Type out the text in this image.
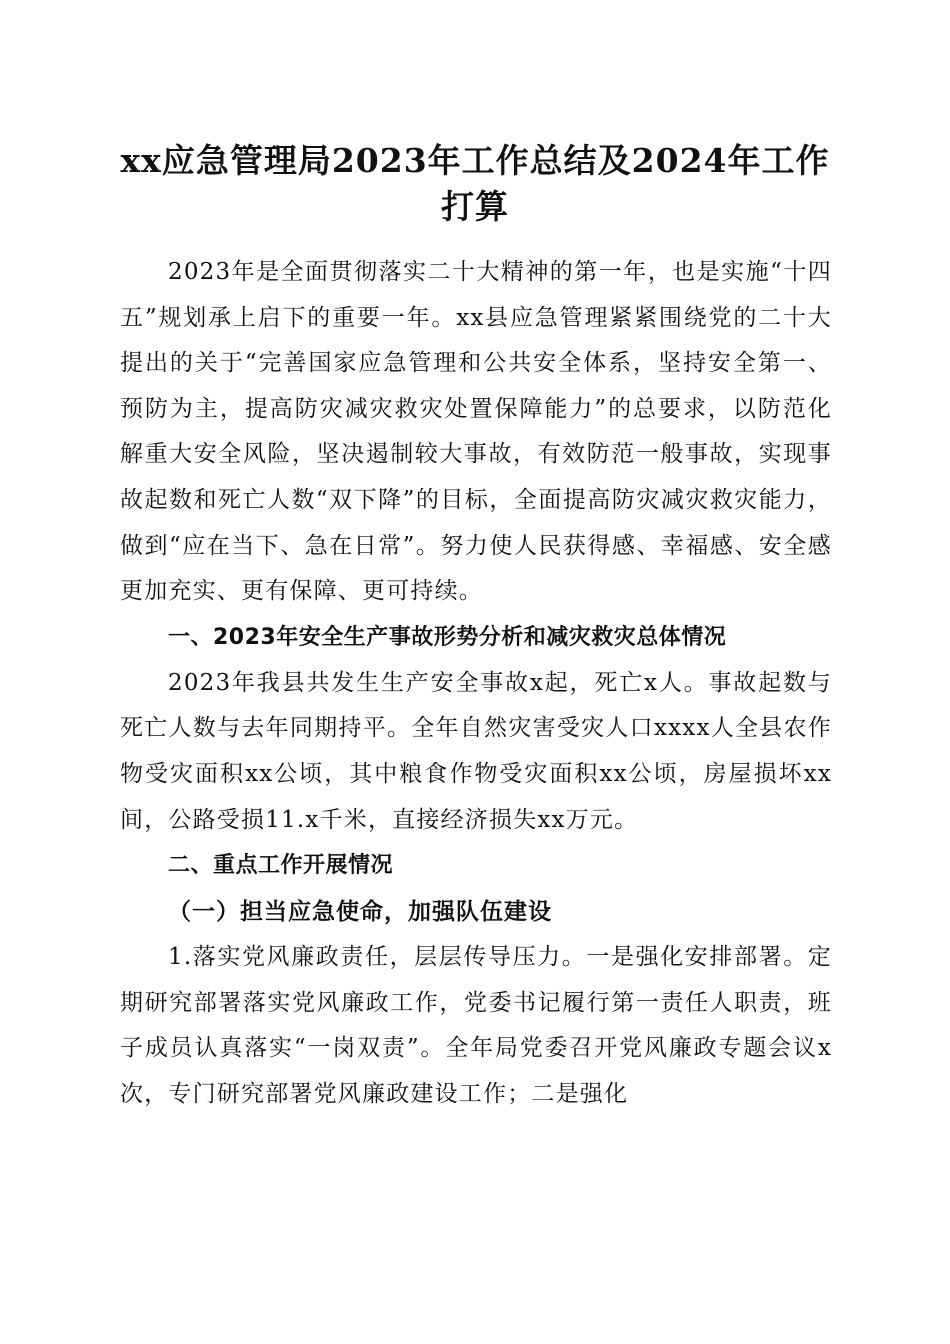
xx应急管理局2023年工作总结及2024年工作
打算

2023年是全面贯彻落实二十大精神的第一年，也是实施“十四五”规划承上启下的重要一年。xx县应急管理紧紧围绕党的二十大提出的关于“完善国家应急管理和公共安全体系，坚持安全第一、预防为主，提高防灾减灾救灾处置保障能力”的总要求，以防范化解重大安全风险，坚决遏制较大事故，有效防范一般事故，实现事故起数和死亡人数“双下降”的目标，全面提高防灾减灾救灾能力，做到“应在当下、急在日常”。努力使人民获得感、幸福感、安全感更加充实、更有保障、更可持续。

一、2023年安全生产事故形势分析和减灾救灾总体情况

2023年我县共发生生产安全事故x起，死亡x人。事故起数与死亡人数与去年同期持平。全年自然灾害受灾人口xxxx人全县农作物受灾面积xx公顷，其中粮食作物受灾面积xx公顷，房屋损坏xx间，公路受损11.x千米，直接经济损失xx万元。

二、重点工作开展情况

（一）担当应急使命，加强队伍建设

1.落实党风廉政责任，层层传导压力。一是强化安排部署。定期研究部署落实党风廉政工作，党委书记履行第一责任人职责，班子成员认真落实“一岗双责”。全年局党委召开党风廉政专题会议x次，专门研究部署党风廉政建设工作；二是强化
